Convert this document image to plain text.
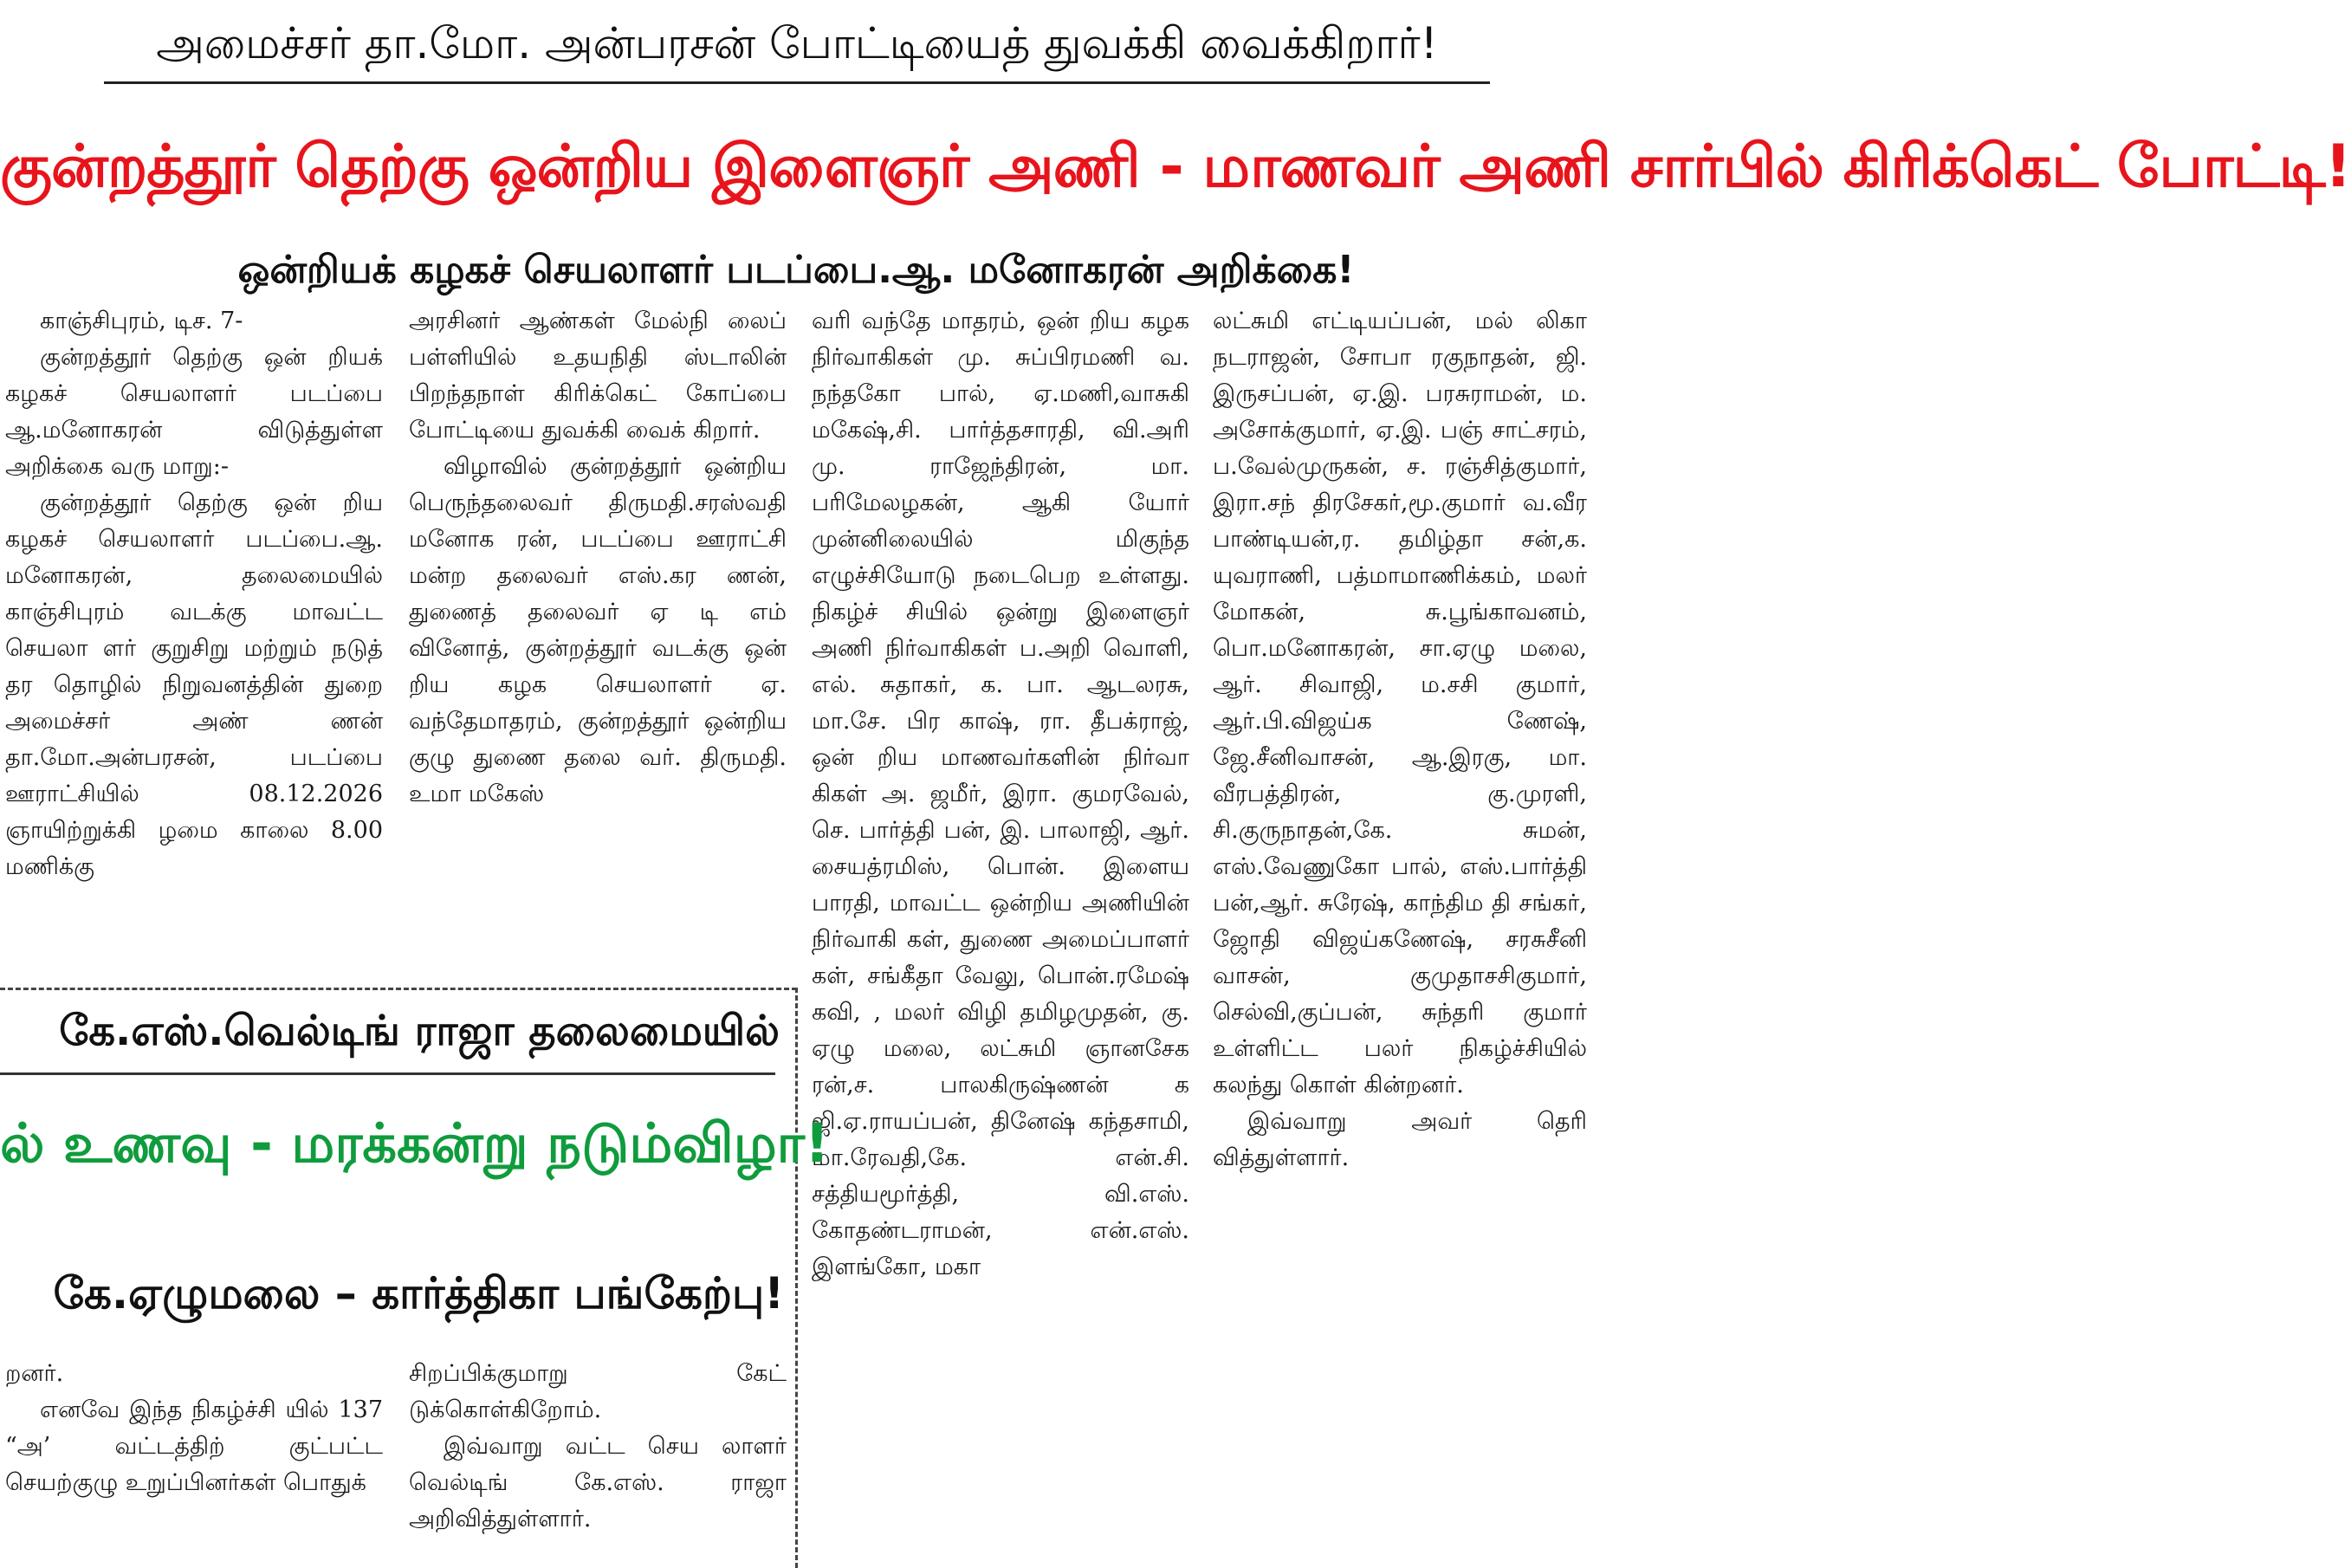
அமைச்சர் தா.மோ. அன்பரசன் போட்டியைத் துவக்கி வைக்கிறார்!
குன்றத்தூர் தெற்கு ஒன்றிய இளைஞர் அணி - மாணவர் அணி சார்பில் கிரிக்கெட் போட்டி!
ஒன்றியக் கழகச் செயலாளர் படப்பை.ஆ. மனோகரன் அறிக்கை!

காஞ்சிபுரம், டிச. 7-

குன்றத்தூர் தெற்கு ஒன் றியக் கழகச் செயலாளர் படப்பை ஆ.மனோகரன் விடுத்துள்ள அறிக்கை வரு மாறு:-

குன்றத்தூர் தெற்கு ஒன் றிய கழகச் செயலாளர் படப்பை.ஆ. மனோகரன், தலைமையில் காஞ்சிபுரம் வடக்கு மாவட்ட செயலா ளர் குறுசிறு மற்றும் நடுத் தர தொழில் நிறுவனத்தின் துறை அமைச்சர் அண் ணன் தா.மோ.அன்பரசன், படப்பை ஊராட்சியில் 08.12.2026 ஞாயிற்றுக்கி ழமை காலை 8.00 மணிக்கு

அரசினர் ஆண்கள் மேல்நி லைப் பள்ளியில் உதயநிதி ஸ்டாலின் பிறந்தநாள் கிரிக்கெட் கோப்பை போட்டியை துவக்கி வைக் கிறார்.

விழாவில் குன்றத்தூர் ஒன்றிய பெருந்தலைவர் திருமதி.சரஸ்வதி மனோக ரன், படப்பை ஊராட்சி மன்ற தலைவர் எஸ்.கர ணன், துணைத் தலைவர் ஏ டி எம் வினோத், குன்றத்தூர் வடக்கு ஒன் றிய கழக செயலாளர் ஏ. வந்தேமாதரம், குன்றத்தூர் ஒன்றிய குழு துணை தலை வர். திருமதி. உமா மகேஸ்

வரி வந்தே மாதரம், ஒன் றிய கழக நிர்வாகிகள் மு. சுப்பிரமணி வ. நந்தகோ பால், ஏ.மணி,வாசுகி மகேஷ்,சி. பார்த்தசாரதி, வி.அரி மு. ராஜேந்திரன், மா. பரிமேலழகன், ஆகி யோர் முன்னிலையில் மிகுந்த எழுச்சியோடு நடைபெற உள்ளது. நிகழ்ச் சியில் ஒன்று இளைஞர் அணி நிர்வாகிகள் ப.அறி வொளி, எல். சுதாகர், க. பா. ஆடலரசு, மா.சே. பிர காஷ், ரா. தீபக்ராஜ், ஒன் றிய மாணவர்களின் நிர்வா கிகள் அ. ஜமீர், இரா. குமரவேல், செ. பார்த்தி பன், இ. பாலாஜி, ஆர். சையத்ரமிஸ், பொன். இளைய பாரதி, மாவட்ட ஒன்றிய அணியின் நிர்வாகி கள், துணை அமைப்பாளர் கள், சங்கீதா வேலு, பொன்.ரமேஷ் கவி, , மலர் விழி தமிழமுதன், கு. ஏழு மலை, லட்சுமி ஞானசேக ரன்,ச. பாலகிருஷ்ணன் க ஜி.ஏ.ராயப்பன், தினேஷ் கந்தசாமி, மா.ரேவதி,கே. என்.சி. சத்தியமூர்த்தி, வி.எஸ். கோதண்டராமன், என்.எஸ். இளங்கோ, மகா

லட்சுமி எட்டியப்பன், மல் லிகா நடராஜன், சோபா ரகுநாதன், ஜி. இருசப்பன், ஏ.இ. பரசுராமன், ம. அசோக்குமார், ஏ.இ. பஞ் சாட்சரம், ப.வேல்முருகன், ச. ரஞ்சித்குமார், இரா.சந் திரசேகர்,மூ.குமார் வ.வீர பாண்டியன்,ர. தமிழ்தா சன்,க. யுவராணி, பத்மாமாணிக்கம், மலர் மோகன், சு.பூங்காவனம், பொ.மனோகரன், சா.ஏழு மலை, ஆர். சிவாஜி, ம.சசி குமார், ஆர்.பி.விஜய்க ணேஷ், ஜே.சீனிவாசன், ஆ.இரகு, மா. வீரபத்திரன், கு.முரளி, சி.குருநாதன்,கே. சுமன், எஸ்.வேணுகோ பால், எஸ்.பார்த்தி பன்,ஆர். சுரேஷ், காந்திம தி சங்கர், ஜோதி விஜய்கணேஷ், சரசுசீனி வாசன், குமுதாசசிகுமார், செல்வி,குப்பன், சுந்தரி குமார் உள்ளிட்ட பலர் நிகழ்ச்சியில் கலந்து கொள் கின்றனர்.

இவ்வாறு அவர் தெரி வித்துள்ளார்.

கே.எஸ்.வெல்டிங் ராஜா தலைமையில்
ல் உணவு - மரக்கன்று நடும்விழா!
கே.ஏழுமலை – கார்த்திகா பங்கேற்பு!

றனர்.

எனவே இந்த நிகழ்ச்சி யில் 137 “அ’ வட்டத்திற் குட்பட்ட செயற்குழு உறுப்பினர்கள் பொதுக்

சிறப்பிக்குமாறு கேட் டுக்கொள்கிறோம்.

இவ்வாறு வட்ட செய லாளர் வெல்டிங் கே.எஸ். ராஜா அறிவித்துள்ளார்.
